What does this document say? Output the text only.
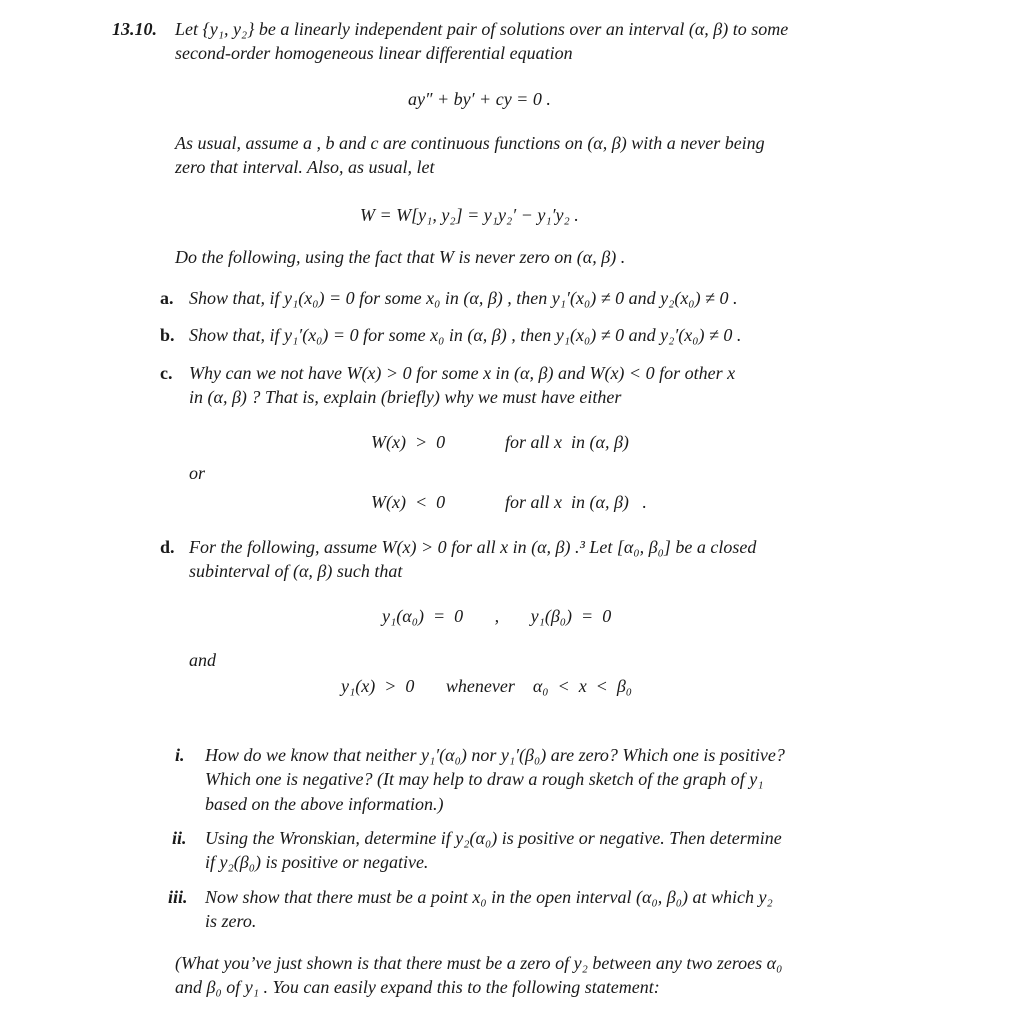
13.10. Let {y₁, y₂} be a linearly independent pair of solutions over an interval (α, β) to some
second-order homogeneous linear differential equation
ay″ + by′ + cy = 0 .
As usual, assume a , b and c are continuous functions on (α, β) with a never being
zero that interval. Also, as usual, let
W = W[y₁, y₂] = y₁y₂′ − y₁′y₂ .
Do the following, using the fact that W is never zero on (α, β) .
a. Show that, if y₁(x₀) = 0 for some x₀ in (α, β) , then y₁′(x₀) ≠ 0 and y₂(x₀) ≠ 0 .
b. Show that, if y₁′(x₀) = 0 for some x₀ in (α, β) , then y₁(x₀) ≠ 0 and y₂′(x₀) ≠ 0 .
c. Why can we not have W(x) > 0 for some x in (α, β) and W(x) < 0 for other x
in (α, β) ? That is, explain (briefly) why we must have either
W(x)  >  0	for all x  in (α, β)
or
W(x)  <  0	for all x  in (α, β)   .
d. For the following, assume W(x) > 0 for all x in (α, β) .³ Let [α₀, β₀] be a closed
subinterval of (α, β) such that
y₁(α₀)  =  0       ,       y₁(β₀)  =  0
and
y₁(x)  >  0       whenever    α₀  <  x  <  β₀
i. How do we know that neither y₁′(α₀) nor y₁′(β₀) are zero? Which one is positive?
Which one is negative? (It may help to draw a rough sketch of the graph of y₁
based on the above information.)
ii. Using the Wronskian, determine if y₂(α₀) is positive or negative. Then determine
if y₂(β₀) is positive or negative.
iii. Now show that there must be a point x₀ in the open interval (α₀, β₀) at which y₂
is zero.
(What you’ve just shown is that there must be a zero of y₂ between any two zeroes α₀
and β₀ of y₁ . You can easily expand this to the following statement:
